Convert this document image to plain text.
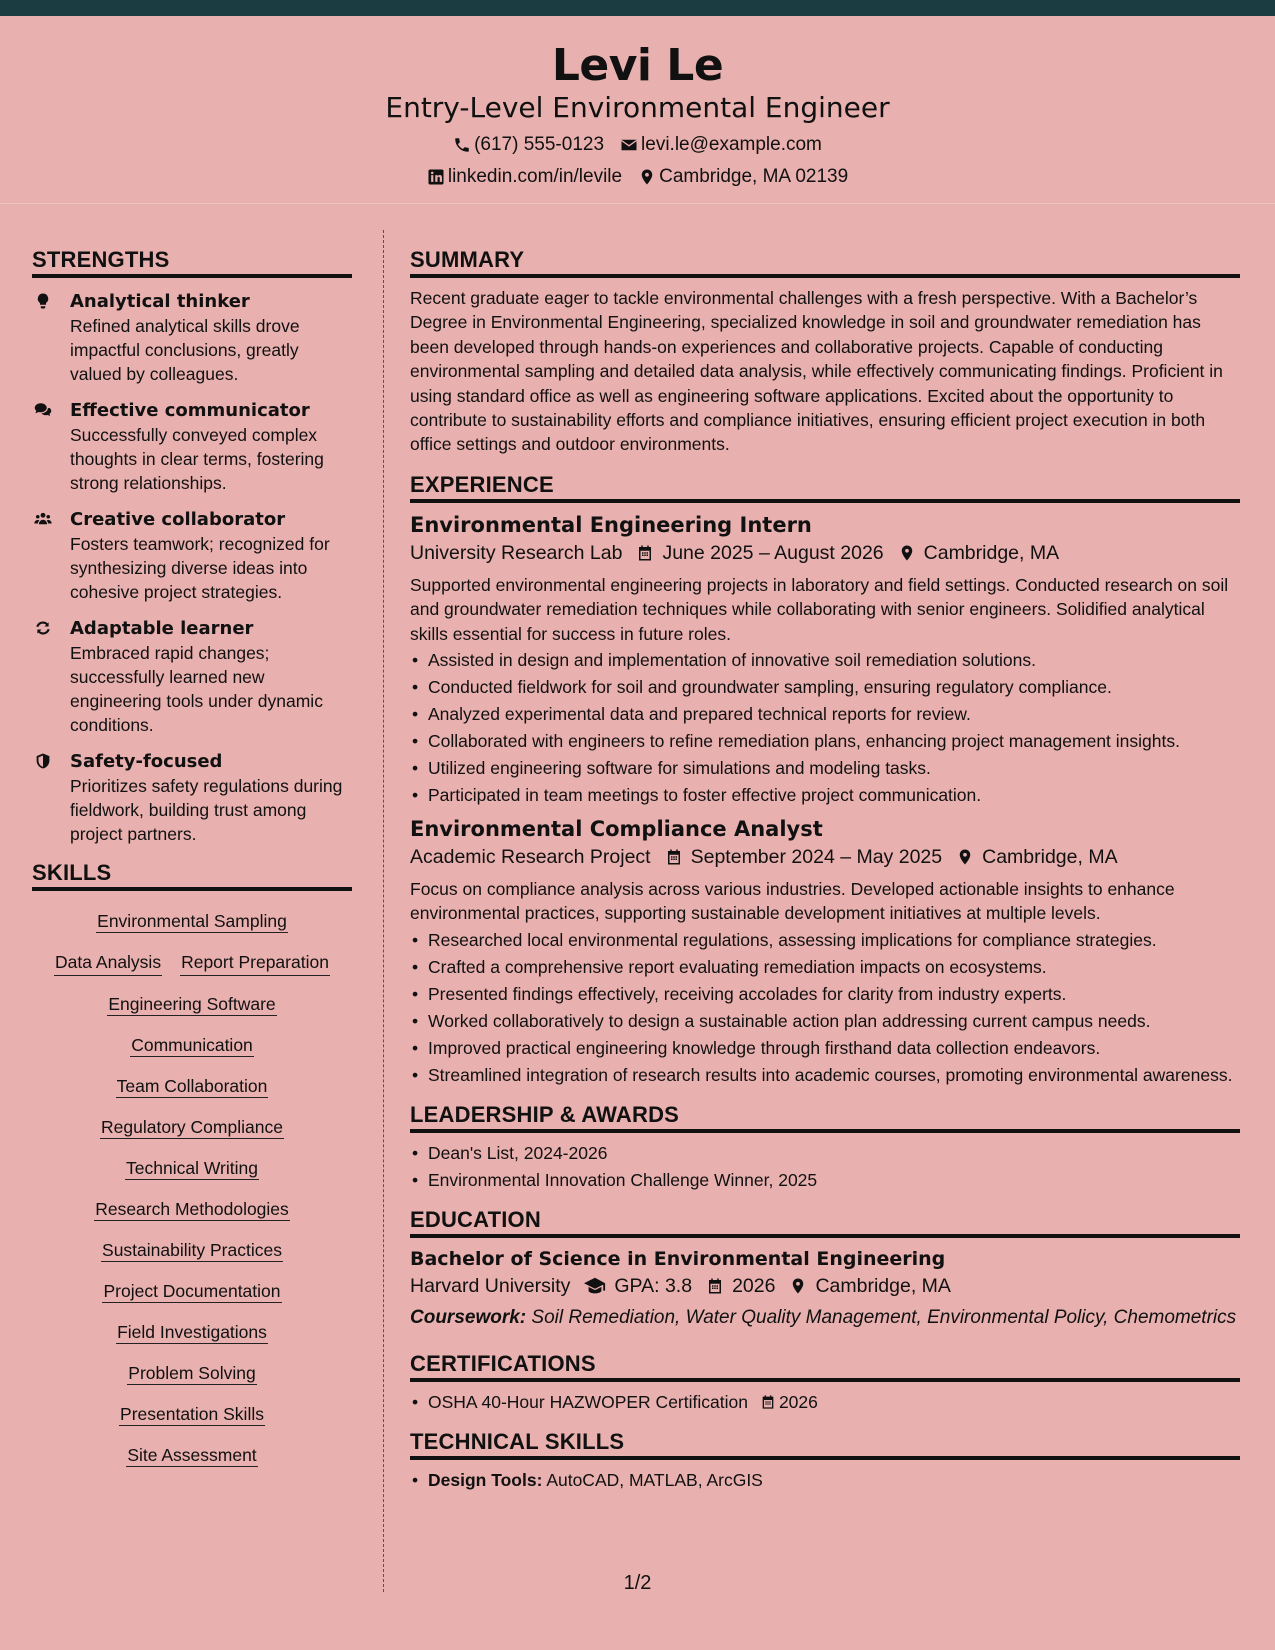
Levi Le
Entry-Level Environmental Engineer
(617) 555-0123 levi.le@example.com
linkedin.com/in/levile Cambridge, MA 02139
STRENGTHS
Analytical thinker
Refined analytical skills drove impactful conclusions, greatly valued by colleagues.
Effective communicator
Successfully conveyed complex thoughts in clear terms, fostering strong relationships.
Creative collaborator
Fosters teamwork; recognized for synthesizing diverse ideas into cohesive project strategies.
Adaptable learner
Embraced rapid changes; successfully learned new engineering tools under dynamic conditions.
Safety-focused
Prioritizes safety regulations during fieldwork, building trust among project partners.
SKILLS
Environmental Sampling
Data Analysis Report Preparation
Engineering Software
Communication
Team Collaboration
Regulatory Compliance
Technical Writing
Research Methodologies
Sustainability Practices
Project Documentation
Field Investigations
Problem Solving
Presentation Skills
Site Assessment
SUMMARY
Recent graduate eager to tackle environmental challenges with a fresh perspective. With a Bachelor’s Degree in Environmental Engineering, specialized knowledge in soil and groundwater remediation has been developed through hands-on experiences and collaborative projects. Capable of conducting environmental sampling and detailed data analysis, while effectively communicating findings. Proficient in using standard office as well as engineering software applications. Excited about the opportunity to contribute to sustainability efforts and compliance initiatives, ensuring efficient project execution in both office settings and outdoor environments.
EXPERIENCE
Environmental Engineering Intern
University Research Lab June 2025 – August 2026 Cambridge, MA
Supported environmental engineering projects in laboratory and field settings. Conducted research on soil and groundwater remediation techniques while collaborating with senior engineers. Solidified analytical skills essential for success in future roles.
• Assisted in design and implementation of innovative soil remediation solutions.
• Conducted fieldwork for soil and groundwater sampling, ensuring regulatory compliance.
• Analyzed experimental data and prepared technical reports for review.
• Collaborated with engineers to refine remediation plans, enhancing project management insights.
• Utilized engineering software for simulations and modeling tasks.
• Participated in team meetings to foster effective project communication.
Environmental Compliance Analyst
Academic Research Project September 2024 – May 2025 Cambridge, MA
Focus on compliance analysis across various industries. Developed actionable insights to enhance environmental practices, supporting sustainable development initiatives at multiple levels.
• Researched local environmental regulations, assessing implications for compliance strategies.
• Crafted a comprehensive report evaluating remediation impacts on ecosystems.
• Presented findings effectively, receiving accolades for clarity from industry experts.
• Worked collaboratively to design a sustainable action plan addressing current campus needs.
• Improved practical engineering knowledge through firsthand data collection endeavors.
• Streamlined integration of research results into academic courses, promoting environmental awareness.
LEADERSHIP & AWARDS
• Dean's List, 2024-2026
• Environmental Innovation Challenge Winner, 2025
EDUCATION
Bachelor of Science in Environmental Engineering
Harvard University GPA: 3.8 2026 Cambridge, MA
Coursework: Soil Remediation, Water Quality Management, Environmental Policy, Chemometrics
CERTIFICATIONS
• OSHA 40-Hour HAZWOPER Certification 2026
TECHNICAL SKILLS
• Design Tools: AutoCAD, MATLAB, ArcGIS
1/2
